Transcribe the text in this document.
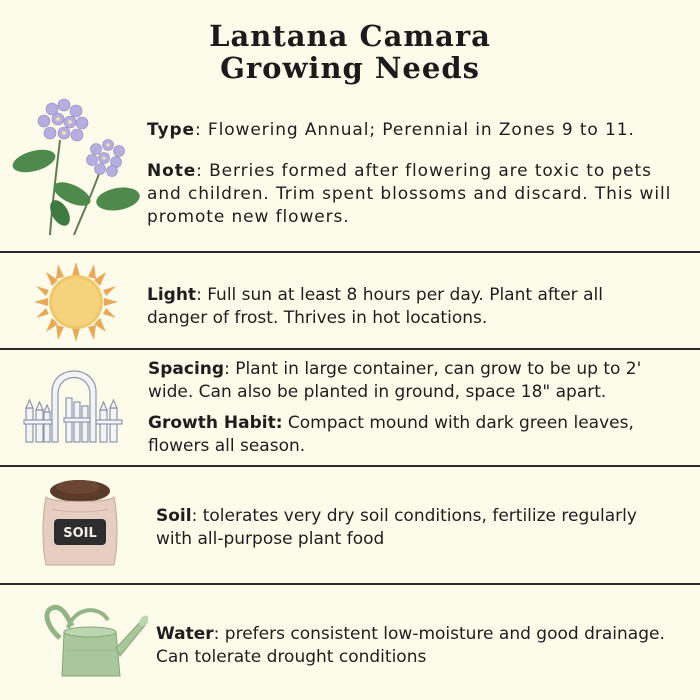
Lantana Camara
Growing Needs

Type: Flowering Annual; Perennial in Zones 9 to 11.

Note: Berries formed after flowering are toxic to pets and children. Trim spent blossoms and discard. This will promote new flowers.

Light: Full sun at least 8 hours per day. Plant after all danger of frost. Thrives in hot locations.

Spacing: Plant in large container, can grow to be up to 2' wide. Can also be planted in ground, space 18" apart.

Growth Habit: Compact mound with dark green leaves, flowers all season.

SOIL

Soil: tolerates very dry soil conditions, fertilize regularly with all-purpose plant food

Water: prefers consistent low-moisture and good drainage. Can tolerate drought conditions
